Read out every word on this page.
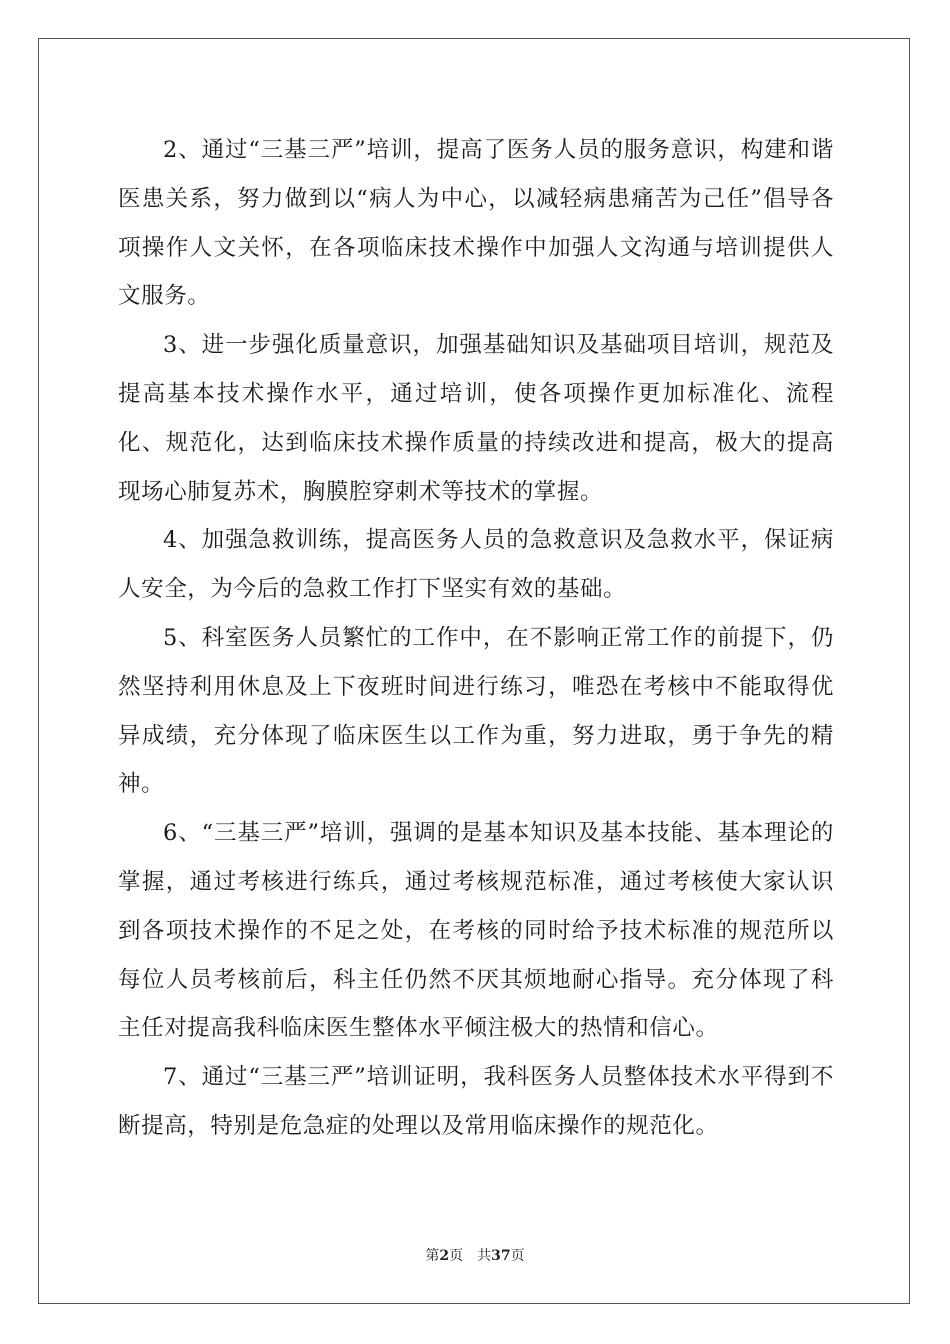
2、通过“三基三严”培训，提高了医务人员的服务意识，构建和谐医患关系，努力做到以“病人为中心，以减轻病患痛苦为己任”倡导各项操作人文关怀，在各项临床技术操作中加强人文沟通与培训提供人文服务。

3、进一步强化质量意识，加强基础知识及基础项目培训，规范及提高基本技术操作水平，通过培训，使各项操作更加标准化、流程化、规范化，达到临床技术操作质量的持续改进和提高，极大的提高现场心肺复苏术，胸膜腔穿刺术等技术的掌握。

4、加强急救训练，提高医务人员的急救意识及急救水平，保证病人安全，为今后的急救工作打下坚实有效的基础。

5、科室医务人员繁忙的工作中，在不影响正常工作的前提下，仍然坚持利用休息及上下夜班时间进行练习，唯恐在考核中不能取得优异成绩，充分体现了临床医生以工作为重，努力进取，勇于争先的精神。

6、“三基三严”培训，强调的是基本知识及基本技能、基本理论的掌握，通过考核进行练兵，通过考核规范标准，通过考核使大家认识到各项技术操作的不足之处，在考核的同时给予技术标准的规范所以每位人员考核前后，科主任仍然不厌其烦地耐心指导。充分体现了科主任对提高我科临床医生整体水平倾注极大的热情和信心。

7、通过“三基三严”培训证明，我科医务人员整体技术水平得到不断提高，特别是危急症的处理以及常用临床操作的规范化。

第2页 共37页
